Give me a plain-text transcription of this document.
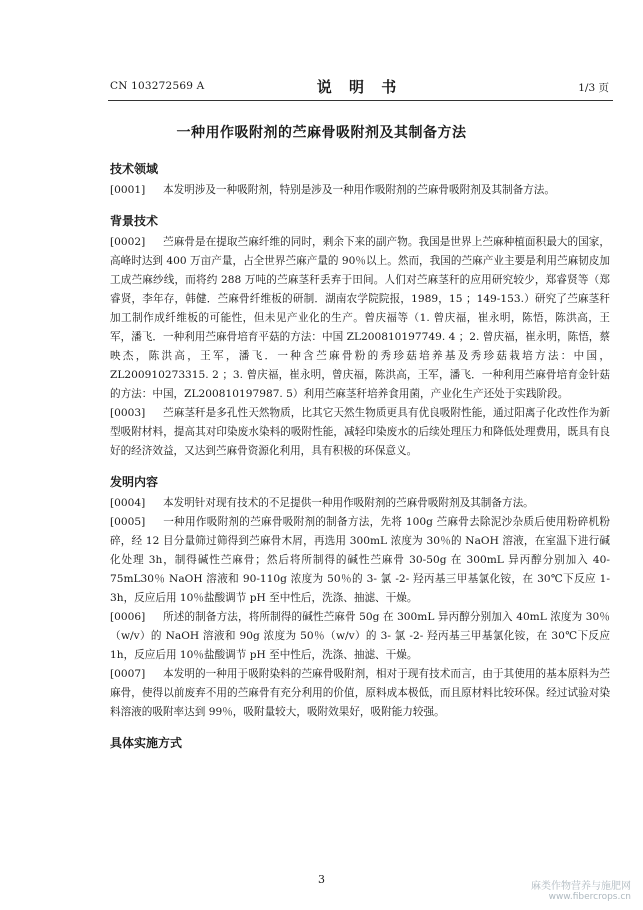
CN 103272569 A	说 明 书	1/3 页
一种用作吸附剂的苎麻骨吸附剂及其制备方法
技术领域

[0001] 本发明涉及一种吸附剂，特别是涉及一种用作吸附剂的苎麻骨吸附剂及其制备方法。

背景技术

[0002] 苎麻骨是在提取苎麻纤维的同时，剩余下来的副产物。我国是世界上苎麻种植面积最大的国家，高峰时达到 400 万亩产量，占全世界苎麻产量的 90％以上。然而，我国的苎麻产业主要是利用苎麻韧皮加工成苎麻纱线，而将约 288 万吨的苎麻茎秆丢弃于田间。人们对苎麻茎秆的应用研究较少，郑睿贤等（郑睿贤，李年存，韩健．苎麻骨纤维板的研制．湖南农学院院报，1989，15 ；149-153.）研究了苎麻茎秆加工制作成纤维板的可能性，但未见产业化的生产。曾庆福等（1. 曾庆福，崔永明，陈悟，陈洪高，王军，潘飞．一种利用苎麻骨培育平菇的方法：中国 ZL200810197749. 4 ；2. 曾庆福，崔永明，陈悟，蔡映杰，陈洪高，王军，潘飞．一种含苎麻骨粉的秀珍菇培养基及秀珍菇栽培方法：中国，ZL200910273315. 2 ；3. 曾庆福，崔永明，曾庆福，陈洪高，王军，潘飞．一种利用苎麻骨培育金针菇的方法：中国，ZL200810197987. 5）利用苎麻茎秆培养食用菌，产业化生产还处于实践阶段。

[0003] 苎麻茎秆是多孔性天然物质，比其它天然生物质更具有优良吸附性能，通过阳离子化改性作为新型吸附材料，提高其对印染废水染料的吸附性能，减轻印染废水的后续处理压力和降低处理费用，既具有良好的经济效益，又达到苎麻骨资源化利用，具有积极的环保意义。

发明内容

[0004] 本发明针对现有技术的不足提供一种用作吸附剂的苎麻骨吸附剂及其制备方法。

[0005] 一种用作吸附剂的苎麻骨吸附剂的制备方法，先将 100g 苎麻骨去除泥沙杂质后使用粉碎机粉碎，经 12 目分量筛过筛得到苎麻骨木屑，再选用 300mL 浓度为 30％的 NaOH 溶液，在室温下进行碱化处理 3h，制得碱性苎麻骨；然后将所制得的碱性苎麻骨 30-50g 在 300mL 异丙醇分别加入 40-75mL30％ NaOH 溶液和 90-110g 浓度为 50％的 3- 氯 -2- 羟丙基三甲基氯化铵，在 30℃下反应 1-3h，反应后用 10％盐酸调节 pH 至中性后，洗涤、抽滤、干燥。

[0006] 所述的制备方法，将所制得的碱性苎麻骨 50g 在 300mL 异丙醇分别加入 40mL 浓度为 30％（w/v）的 NaOH 溶液和 90g 浓度为 50％（w/v）的 3- 氯 -2- 羟丙基三甲基氯化铵，在 30℃下反应 1h，反应后用 10％盐酸调节 pH 至中性后，洗涤、抽滤、干燥。

[0007] 本发明的一种用于吸附染料的苎麻骨吸附剂，相对于现有技术而言，由于其使用的基本原料为苎麻骨，使得以前废弃不用的苎麻骨有充分利用的价值，原料成本极低，而且原材料比较环保。经过试验对染料溶液的吸附率达到 99％，吸附量较大，吸附效果好，吸附能力较强。

具体实施方式
3
麻类作物营养与施肥网
www.fibercrops.cn
